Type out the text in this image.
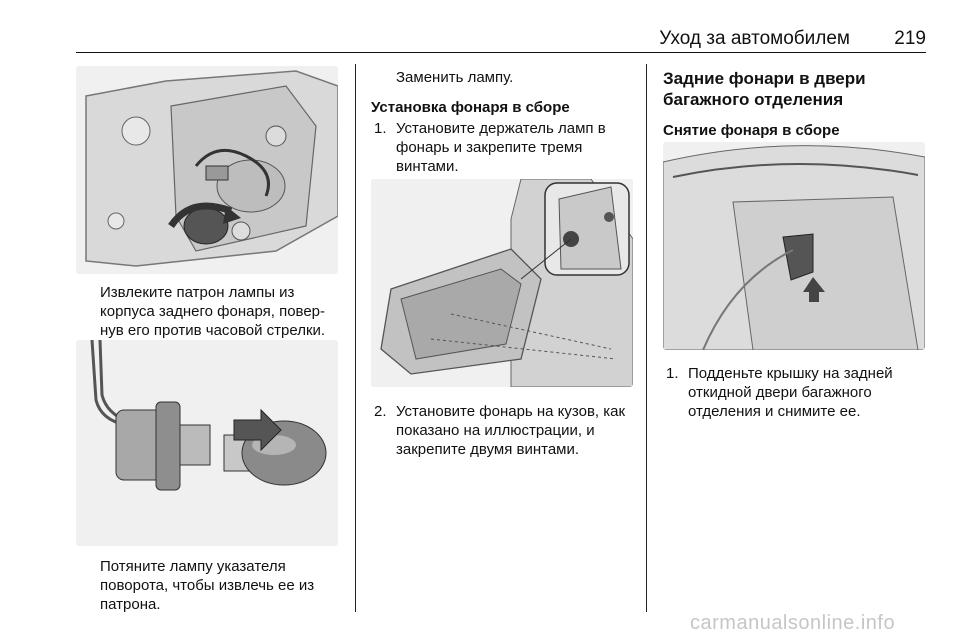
Уход за автомобилем 219
Извлеките патрон лампы из корпуса заднего фонаря, повернув его против часовой стрелки.
Потяните лампу указателя поворота, чтобы извлечь ее из патрона.
Заменить лампу.
Установка фонаря в сборе
1. Установите держатель ламп в фонарь и закрепите тремя винтами.
2. Установите фонарь на кузов, как показано на иллюстрации, и закрепите двумя винтами.
Задние фонари в двери багажного отделения
Снятие фонаря в сборе
1. Подденьте крышку на задней откидной двери багажного отделения и снимите ее.
carmanualsonline.info
